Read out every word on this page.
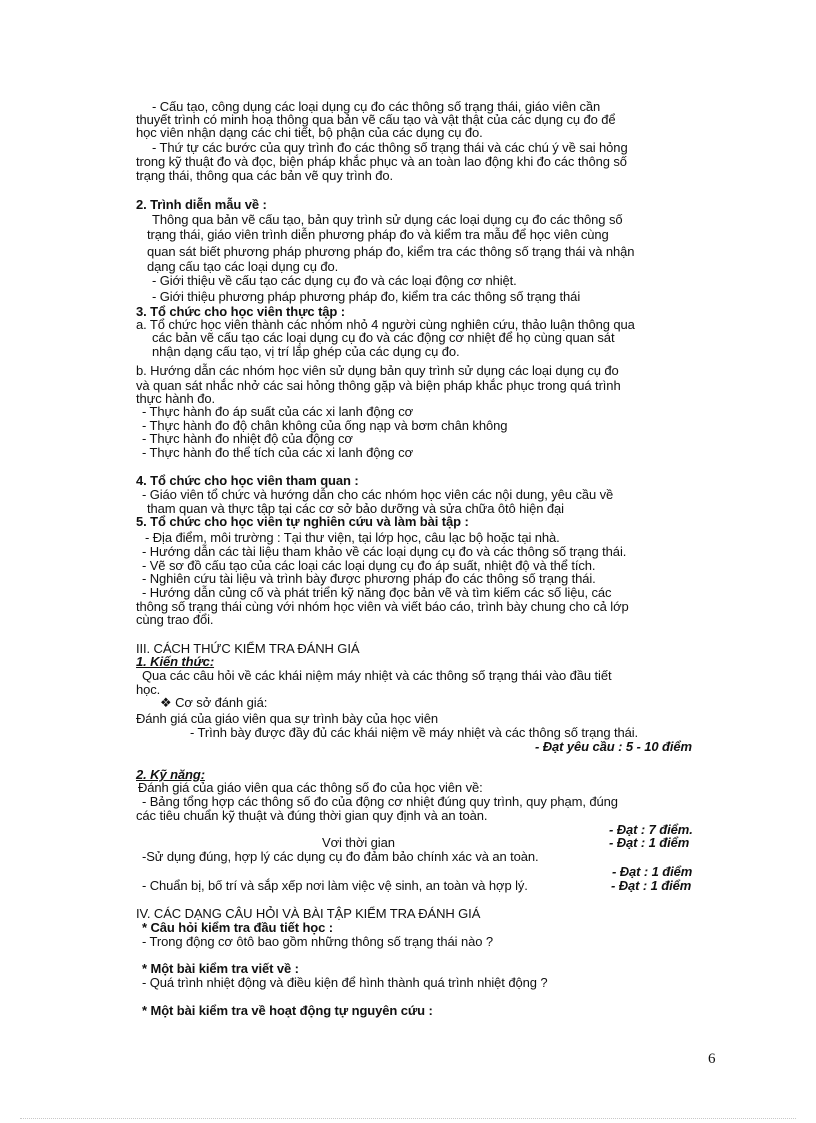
- Cấu tạo, công dụng các loại dụng cụ đo các thông số trạng thái, giáo viên cần
thuyết trình có minh hoạ thông qua bản vẽ cấu tạo và vật thật của các dụng cụ đo để
học viên nhận dạng các chi tiết, bộ phận của các dụng cụ đo.
- Thứ tự các bước của quy trình đo các thông số trạng thái và các chú ý về sai hỏng
trong kỹ thuật đo và đọc, biện pháp khắc phục và an toàn lao động khi đo các thông số
trạng thái, thông qua các bản vẽ quy trình đo.
2. Trình diễn mẫu về :
Thông qua bản vẽ cấu tạo, bản quy trình sử dụng các loại dụng cụ đo các thông số
trạng thái, giáo viên trình diễn phương pháp đo và kiểm tra mẫu để học viên cùng
quan sát biết phương pháp phương pháp đo, kiểm tra các thông số trạng thái và nhận
dạng cấu tạo các loại dụng cụ đo.
- Giới thiệu về cấu tạo các dụng cụ đo và các loại động cơ nhiệt.
- Giới thiệu phương pháp phương pháp đo, kiểm tra các thông số trạng thái
3. Tổ chức cho học viên thực tập :
a. Tổ chức học viên thành các nhóm nhỏ 4 người cùng nghiên cứu, thảo luận thông qua
các bản vẽ cấu tạo các loại dụng cụ đo và các động cơ nhiệt để họ cùng quan sát
nhận dạng cấu tạo, vị trí lắp ghép của các dụng cụ đo.
b. Hướng dẫn các nhóm học viên sử dụng bản quy trình sử dụng các loại dụng cụ đo
và quan sát nhắc nhở các sai hỏng thông gặp và biện pháp khắc phục trong quá trình
thực hành đo.
- Thực hành đo áp suất của các xi lanh động cơ
- Thực hành đo độ chân không của ống nạp và bơm chân không
- Thực hành đo nhiệt độ của động cơ
- Thực hành đo thể tích của các xi lanh động cơ
4. Tổ chức cho học viên tham quan :
- Giáo viên tổ chức và hướng dẫn cho các nhóm học viên các nội dung, yêu cầu về
tham quan và thực tập tại các cơ sở bảo dưỡng và sửa chữa ôtô hiện đại
5. Tổ chức cho học viên tự nghiên cứu và làm bài tập :
- Địa điểm, môi trường : Tại thư viện, tại lớp học, câu lạc bộ hoặc tại nhà.
- Hướng dẫn các tài liệu tham khảo về các loại dụng cụ đo và các thông số trạng thái.
- Vẽ sơ đồ cấu tạo của các loại các loại dụng cụ đo áp suất, nhiệt độ và thể tích.
- Nghiên cứu tài liệu và trình bày được phương pháp đo các thông số trạng thái.
- Hướng dẫn củng cố và phát triển kỹ năng đọc bản vẽ và tìm kiếm các số liệu, các
thông số trạng thái cùng với nhóm học viên và viết báo cáo, trình bày chung cho cả lớp
cùng trao đổi.
III. CÁCH THỨC KIỂM TRA ĐÁNH GIÁ
1. Kiến thức:
Qua các câu hỏi về các khái niệm máy nhiệt và các thông số trạng thái vào đầu tiết
học.
❖ Cơ sở đánh giá:
Đánh giá của giáo viên qua sự trình bày của học viên
- Trình bày được đầy đủ các khái niệm về máy nhiệt và các thông số trạng thái.
- Đạt yêu cầu : 5 - 10 điểm
2. Kỹ năng:
Đánh giá của giáo viên qua các thông số đo của học viên về:
- Bảng tổng hợp các thông số đo của động cơ nhiệt đúng quy trình, quy phạm, đúng
các tiêu chuẩn kỹ thuật và đúng thời gian quy định và an toàn.
- Đạt : 7 điểm.
Vơi thời gian	- Đạt : 1 điểm
-Sử dụng đúng, hợp lý các dụng cụ đo đảm bảo chính xác và an toàn.
- Đạt : 1 điểm
- Chuẩn bị, bố trí và sắp xếp nơi làm việc vệ sinh, an toàn và hợp lý.	- Đạt : 1 điểm
IV. CÁC DẠNG CÂU HỎI VÀ BÀI TẬP KIỂM TRA ĐÁNH GIÁ
* Câu hỏi kiểm tra đầu tiết học :
- Trong động cơ ôtô bao gồm những thông số trạng thái nào ?
* Một bài kiểm tra viết về :
- Quá trình nhiệt động và điều kiện để hình thành quá trình nhiệt động ?
* Một bài kiểm tra về hoạt động tự nguyên cứu :
6
